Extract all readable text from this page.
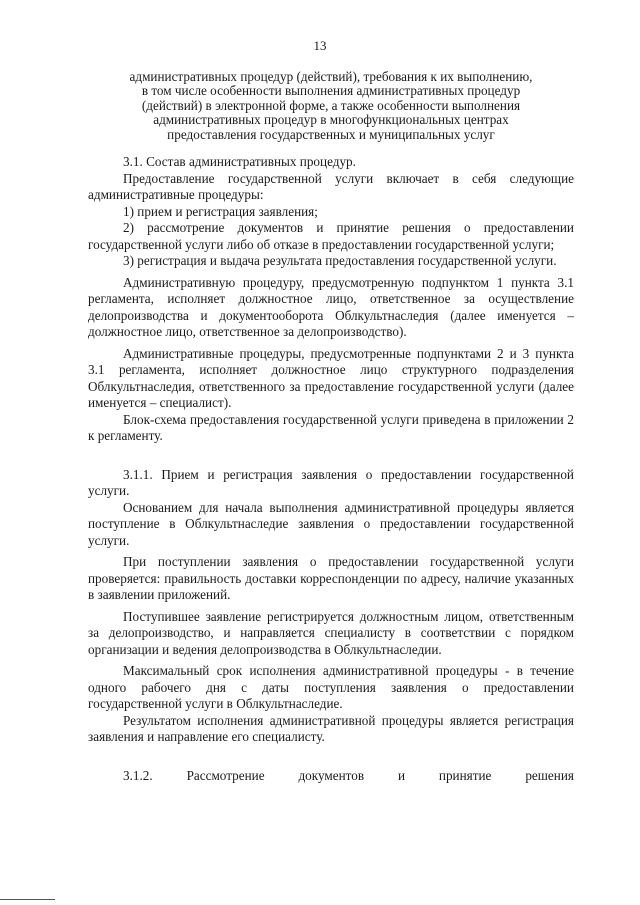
13
административных процедур (действий), требования к их выполнению,
в том числе особенности выполнения административных процедур
(действий) в электронной форме, а также особенности выполнения
административных процедур в многофункциональных центрах
предоставления государственных и муниципальных услуг

3.1. Состав административных процедур.

Предоставление государственной услуги включает в себя следующие административные процедуры:

1) прием и регистрация заявления;

2) рассмотрение документов и принятие решения о предоставлении государственной услуги либо об отказе в предоставлении государственной услуги;

3) регистрация и выдача результата предоставления государственной услуги.

Административную процедуру, предусмотренную подпунктом 1 пункта 3.1 регламента, исполняет должностное лицо, ответственное за осуществление делопроизводства и документооборота Облкультнаследия (далее именуется – должностное лицо, ответственное за делопроизводство).

Административные процедуры, предусмотренные подпунктами 2 и 3 пункта 3.1 регламента, исполняет должностное лицо структурного подразделения Облкультнаследия, ответственного за предоставление государственной услуги (далее именуется – специалист).

Блок-схема предоставления государственной услуги приведена в приложении 2 к регламенту.

3.1.1. Прием и регистрация заявления о предоставлении государственной услуги.

Основанием для начала выполнения административной процедуры является поступление в Облкультнаследие заявления о предоставлении государственной услуги.

При поступлении заявления о предоставлении государственной услуги проверяется: правильность доставки корреспонденции по адресу, наличие указанных в заявлении приложений.

Поступившее заявление регистрируется должностным лицом, ответственным за делопроизводство, и направляется специалисту в соответствии с порядком организации и ведения делопроизводства в Облкультнаследии.

Максимальный срок исполнения административной процедуры - в течение одного рабочего дня с даты поступления заявления о предоставлении государственной услуги в Облкультнаследие.

Результатом исполнения административной процедуры является регистрация заявления и направление его специалисту.

3.1.2.	Рассмотрение	документов	и	принятие	решения
